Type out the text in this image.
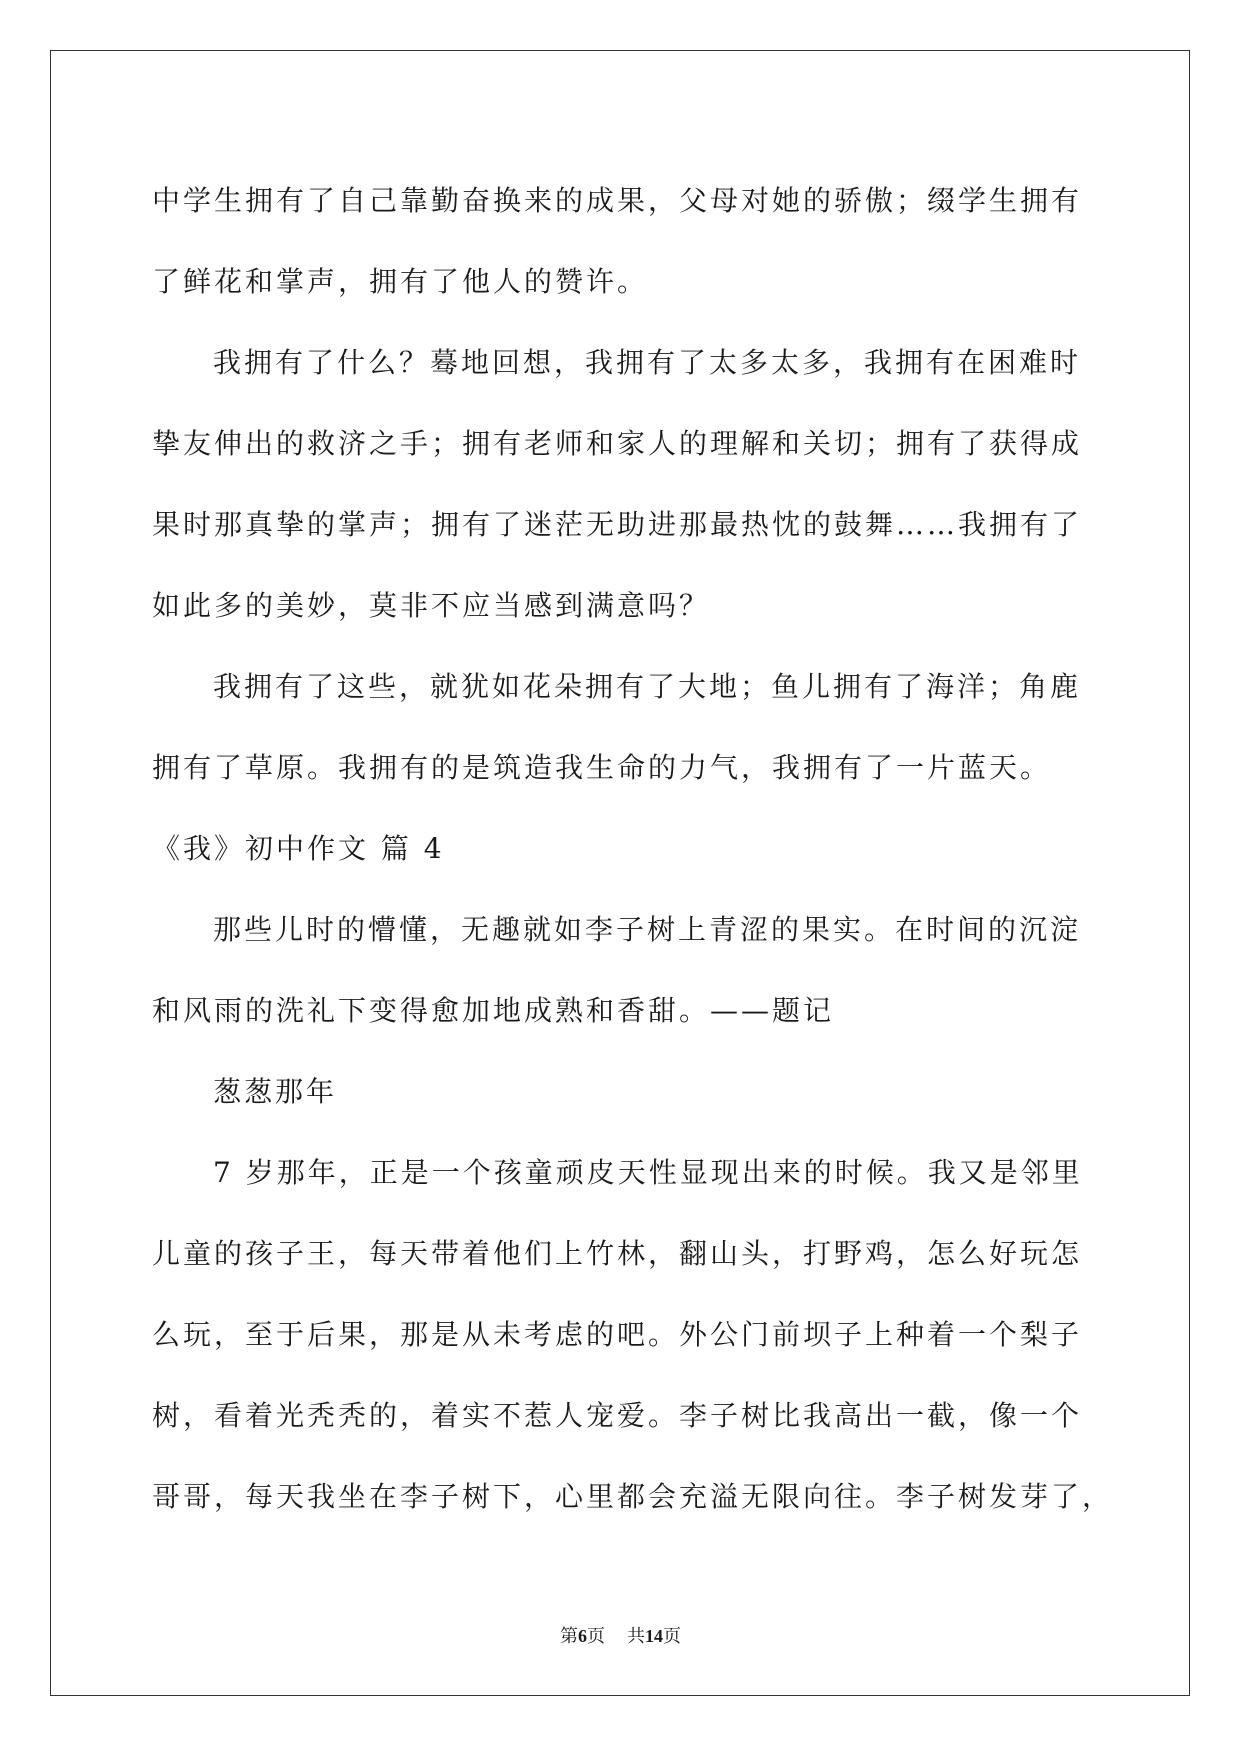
中学生拥有了自己靠勤奋换来的成果，父母对她的骄傲；缀学生拥有
了鲜花和掌声，拥有了他人的赞许。
我拥有了什么？蓦地回想，我拥有了太多太多，我拥有在困难时
挚友伸出的救济之手；拥有老师和家人的理解和关切；拥有了获得成
果时那真挚的掌声；拥有了迷茫无助进那最热忱的鼓舞……我拥有了
如此多的美妙，莫非不应当感到满意吗？
我拥有了这些，就犹如花朵拥有了大地；鱼儿拥有了海洋；角鹿
拥有了草原。我拥有的是筑造我生命的力气，我拥有了一片蓝天。
《我》初中作文 篇 4
那些儿时的懵懂，无趣就如李子树上青涩的果实。在时间的沉淀
和风雨的洗礼下变得愈加地成熟和香甜。——题记
葱葱那年
7 岁那年，正是一个孩童顽皮天性显现出来的时候。我又是邻里
儿童的孩子王，每天带着他们上竹林，翻山头，打野鸡，怎么好玩怎
么玩，至于后果，那是从未考虑的吧。外公门前坝子上种着一个梨子
树，看着光秃秃的，着实不惹人宠爱。李子树比我高出一截，像一个
哥哥，每天我坐在李子树下，心里都会充溢无限向往。李子树发芽了，
第6页 共14页
